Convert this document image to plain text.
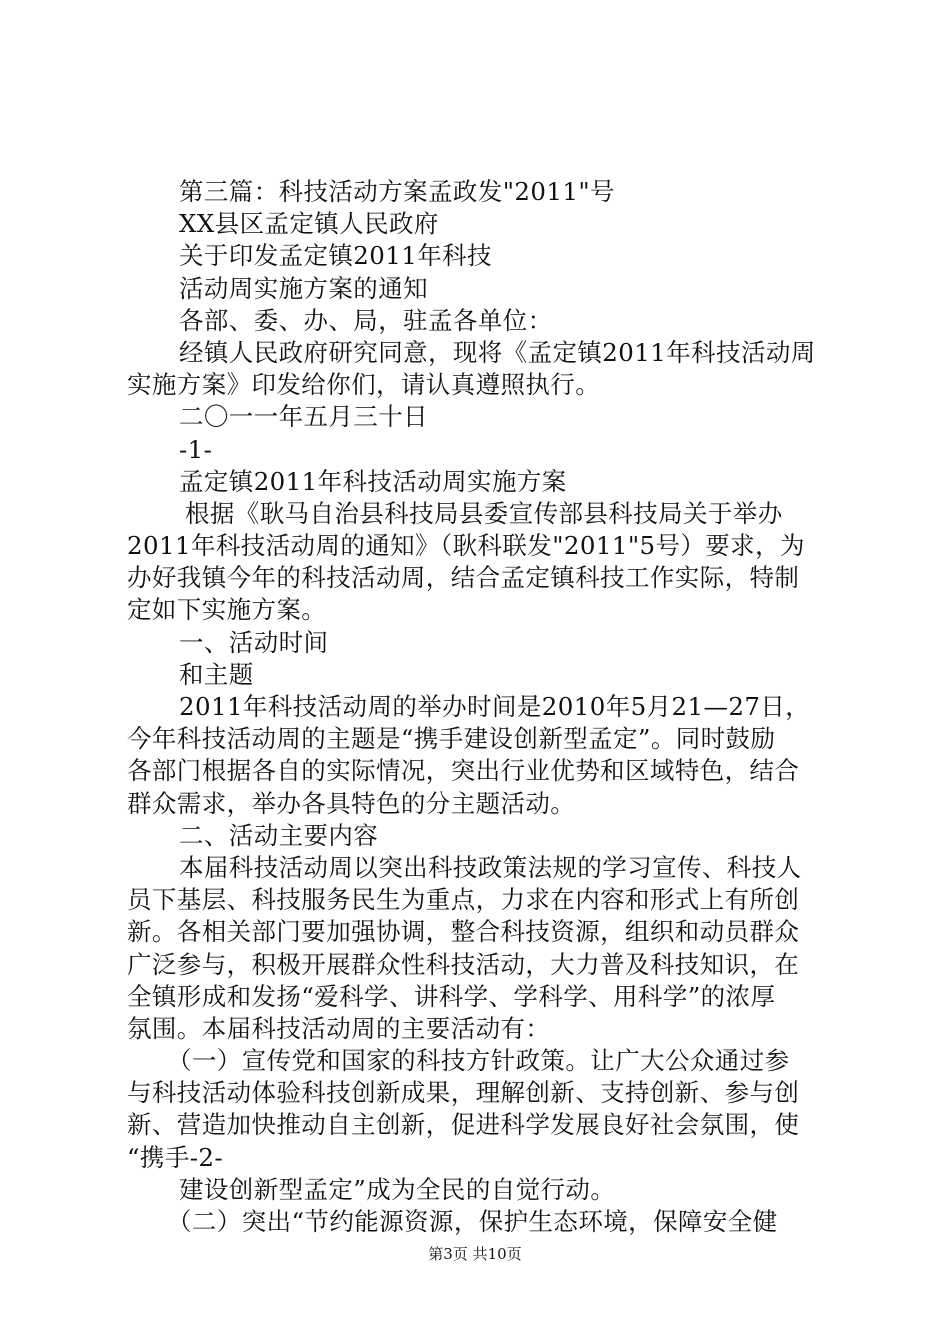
第三篇：科技活动方案孟政发"2011"号
XX县区孟定镇人民政府
关于印发孟定镇2011年科技
活动周实施方案的通知
各部、委、办、局，驻孟各单位：
经镇人民政府研究同意，现将《孟定镇2011年科技活动周
实施方案》印发给你们，请认真遵照执行。
二〇一一年五月三十日
-1-
孟定镇2011年科技活动周实施方案
根据《耿马自治县科技局县委宣传部县科技局关于举办
2011年科技活动周的通知》（耿科联发"2011"5号）要求，为
办好我镇今年的科技活动周，结合孟定镇科技工作实际，特制
定如下实施方案。
一、活动时间
和主题
2011年科技活动周的举办时间是2010年5月21—27日，
今年科技活动周的主题是“携手建设创新型孟定”。同时鼓励
各部门根据各自的实际情况，突出行业优势和区域特色，结合
群众需求，举办各具特色的分主题活动。
二、活动主要内容
本届科技活动周以突出科技政策法规的学习宣传、科技人
员下基层、科技服务民生为重点，力求在内容和形式上有所创
新。各相关部门要加强协调，整合科技资源，组织和动员群众
广泛参与，积极开展群众性科技活动，大力普及科技知识，在
全镇形成和发扬“爱科学、讲科学、学科学、用科学”的浓厚
氛围。本届科技活动周的主要活动有：
（一）宣传党和国家的科技方针政策。让广大公众通过参
与科技活动体验科技创新成果，理解创新、支持创新、参与创
新、营造加快推动自主创新，促进科学发展良好社会氛围，使
“携手-2-
建设创新型孟定”成为全民的自觉行动。
（二）突出“节约能源资源，保护生态环境，保障安全健
第3页 共10页
